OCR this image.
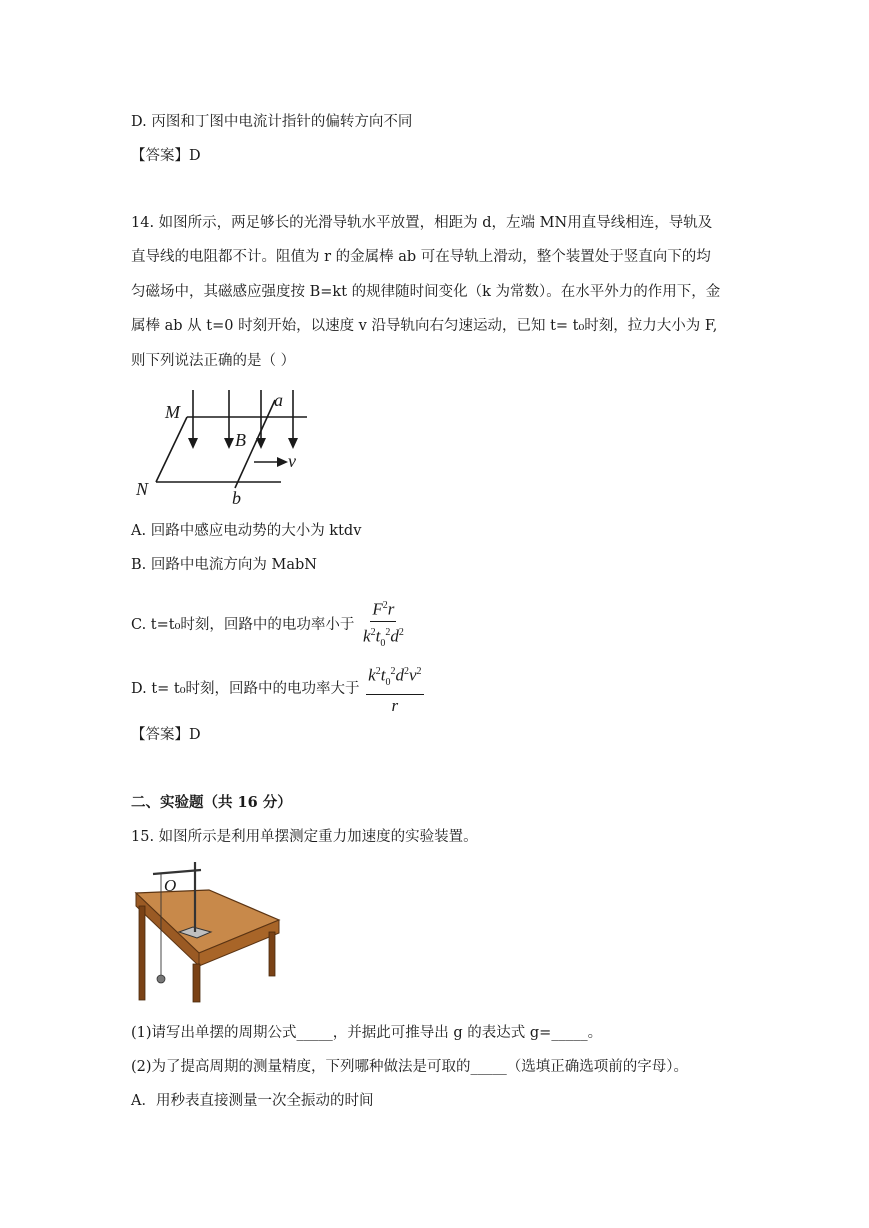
D. 丙图和丁图中电流计指针的偏转方向不同
【答案】D
14. 如图所示，两足够长的光滑导轨水平放置，相距为 d，左端 MN用直导线相连，导轨及
直导线的电阻都不计。阻值为 r 的金属棒 ab 可在导轨上滑动，整个装置处于竖直向下的均
匀磁场中，其磁感应强度按 B=kt 的规律随时间变化（k 为常数）。在水平外力的作用下，金
属棒 ab 从 t=0 时刻开始，以速度 v 沿导轨向右匀速运动，已知 t= t₀时刻，拉力大小为 F,
则下列说法正确的是（ ）
M
N
a
b
B
v
A. 回路中感应电动势的大小为 ktdv
B. 回路中电流方向为 MabN
C. t=t₀时刻，回路中的电功率小于 $\frac{F^2r}{k^2t_0^2d^2}$
D. t= t₀时刻，回路中的电功率大于 $\frac{k^2t_0^2d^2v^2}{r}$
【答案】D
二、实验题（共 16 分）
15. 如图所示是利用单摆测定重力加速度的实验装置。
O
(1)请写出单摆的周期公式_____，并据此可推导出 g 的表达式 g=_____。
(2)为了提高周期的测量精度，下列哪种做法是可取的_____（选填正确选项前的字母）。
A．用秒表直接测量一次全振动的时间
